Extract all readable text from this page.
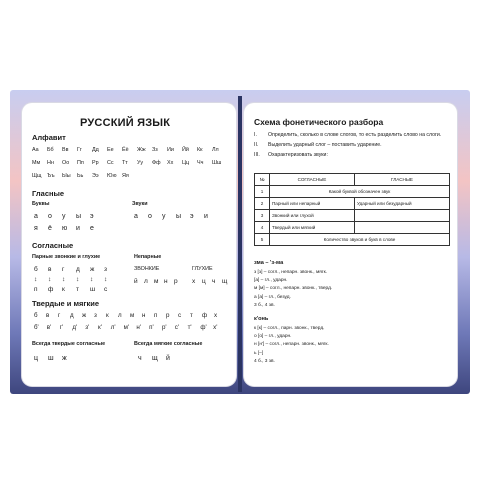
РУССКИЙ ЯЗЫК
Алфавит
Аа	Бб	Вв	Гг	Дд	Ее	Ёё	Жж	Зз	Ии	Йй	Кк	Лл
Мм	Нн	Оо	Пп	Рр	Сс	Тт	Уу	Фф	Хх	Цц	Чч	Шш
Щщ	Ъъ	Ыы	Ьь	Ээ	Юю	Яя
Гласные
Буквы	Звуки
а	о	у	ы	э
я	ё	ю	и	е
а	о	у	ы	э	и
Согласные
Парные звонкие и глухие	Непарные
б	в	г	д	ж	з
↕	↕	↕	↕	↕	↕
п	ф	к	т	ш	с
ЗВОНКИЕ	ГЛУХИЕ
й л м н р	х	ц ч	щ
Твердые и мягкие
б	в	г	д	ж	з	к	л	м	н	п	р	с	т	ф	х
б'	в'	г'	д'	з'	к'	л'	м'	н'	п'	р'	с'	т'	ф'	х'
Всегда твердые согласные	Всегда мягкие согласные
ц	ш	ж	ч	щ	й
Схема фонетического разбора
I.	Определить, сколько в слове слогов, то есть разделить слово на слоги.
II.	Выделить ударный слог – поставить ударение.
III.	Охарактеризовать звуки:
№	СОГЛАСНЫЕ	ГЛАСНЫЕ
1	Какой буквой обозначен звук	
2	Парный или непарный	Ударный или безударный
3	Звонкий или глухой	
4	Твердый или мягкий	
5	Количество звуков и букв в слове	
зма – 'з-ма
з [з] – согл., непарн. звонк., мягк.
[а] – гл., ударн.
м [м] – согл., непарн. звонк., тверд.
а [а] – гл., безуд.
3 б., 4 зв.
к'онь
к [к] – согл., парн. звонк., тверд.
о [о] – гл., ударн.
н [н'] – согл., непарн. звонк., мягк.
ь [–]
4 б., 3 зв.
